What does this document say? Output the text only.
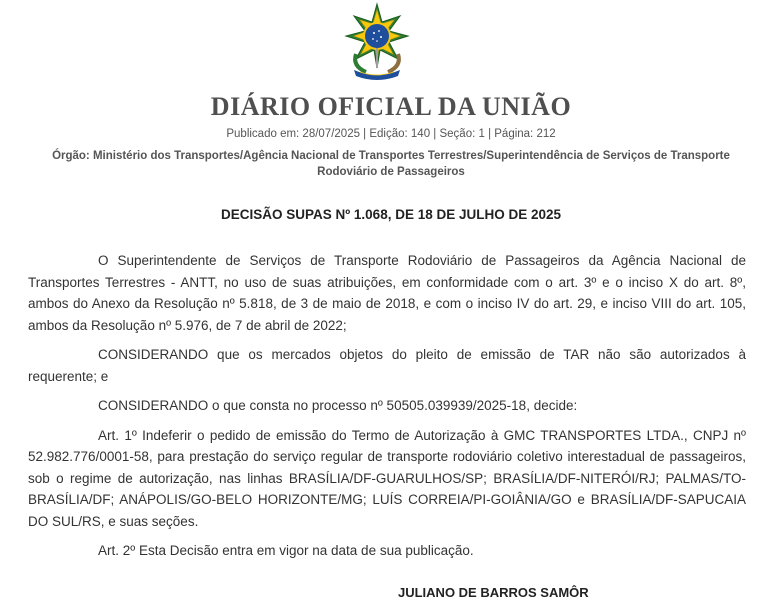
DIÁRIO OFICIAL DA UNIÃO
Publicado em: 28/07/2025 | Edição: 140 | Seção: 1 | Página: 212
Órgão: Ministério dos Transportes/Agência Nacional de Transportes Terrestres/Superintendência de Serviços de Transporte Rodoviário de Passageiros
DECISÃO SUPAS Nº 1.068, DE 18 DE JULHO DE 2025

O Superintendente de Serviços de Transporte Rodoviário de Passageiros da Agência Nacional de Transportes Terrestres - ANTT, no uso de suas atribuições, em conformidade com o art. 3º e o inciso X do art. 8º, ambos do Anexo da Resolução nº 5.818, de 3 de maio de 2018, e com o inciso IV do art. 29, e inciso VIII do art. 105, ambos da Resolução nº 5.976, de 7 de abril de 2022;

CONSIDERANDO que os mercados objetos do pleito de emissão de TAR não são autorizados à requerente; e

CONSIDERANDO o que consta no processo nº 50505.039939/2025-18, decide:

Art. 1º Indeferir o pedido de emissão do Termo de Autorização à GMC TRANSPORTES LTDA., CNPJ nº 52.982.776/0001-58, para prestação do serviço regular de transporte rodoviário coletivo interestadual de passageiros, sob o regime de autorização, nas linhas BRASÍLIA/DF-GUARULHOS/SP; BRASÍLIA/DF-NITERÓI/RJ; PALMAS/TO-BRASÍLIA/DF; ANÁPOLIS/GO-BELO HORIZONTE/MG; LUÍS CORREIA/PI-GOIÂNIA/GO e BRASÍLIA/DF-SAPUCAIA DO SUL/RS, e suas seções.

Art. 2º Esta Decisão entra em vigor na data de sua publicação.

JULIANO DE BARROS SAMÔR
